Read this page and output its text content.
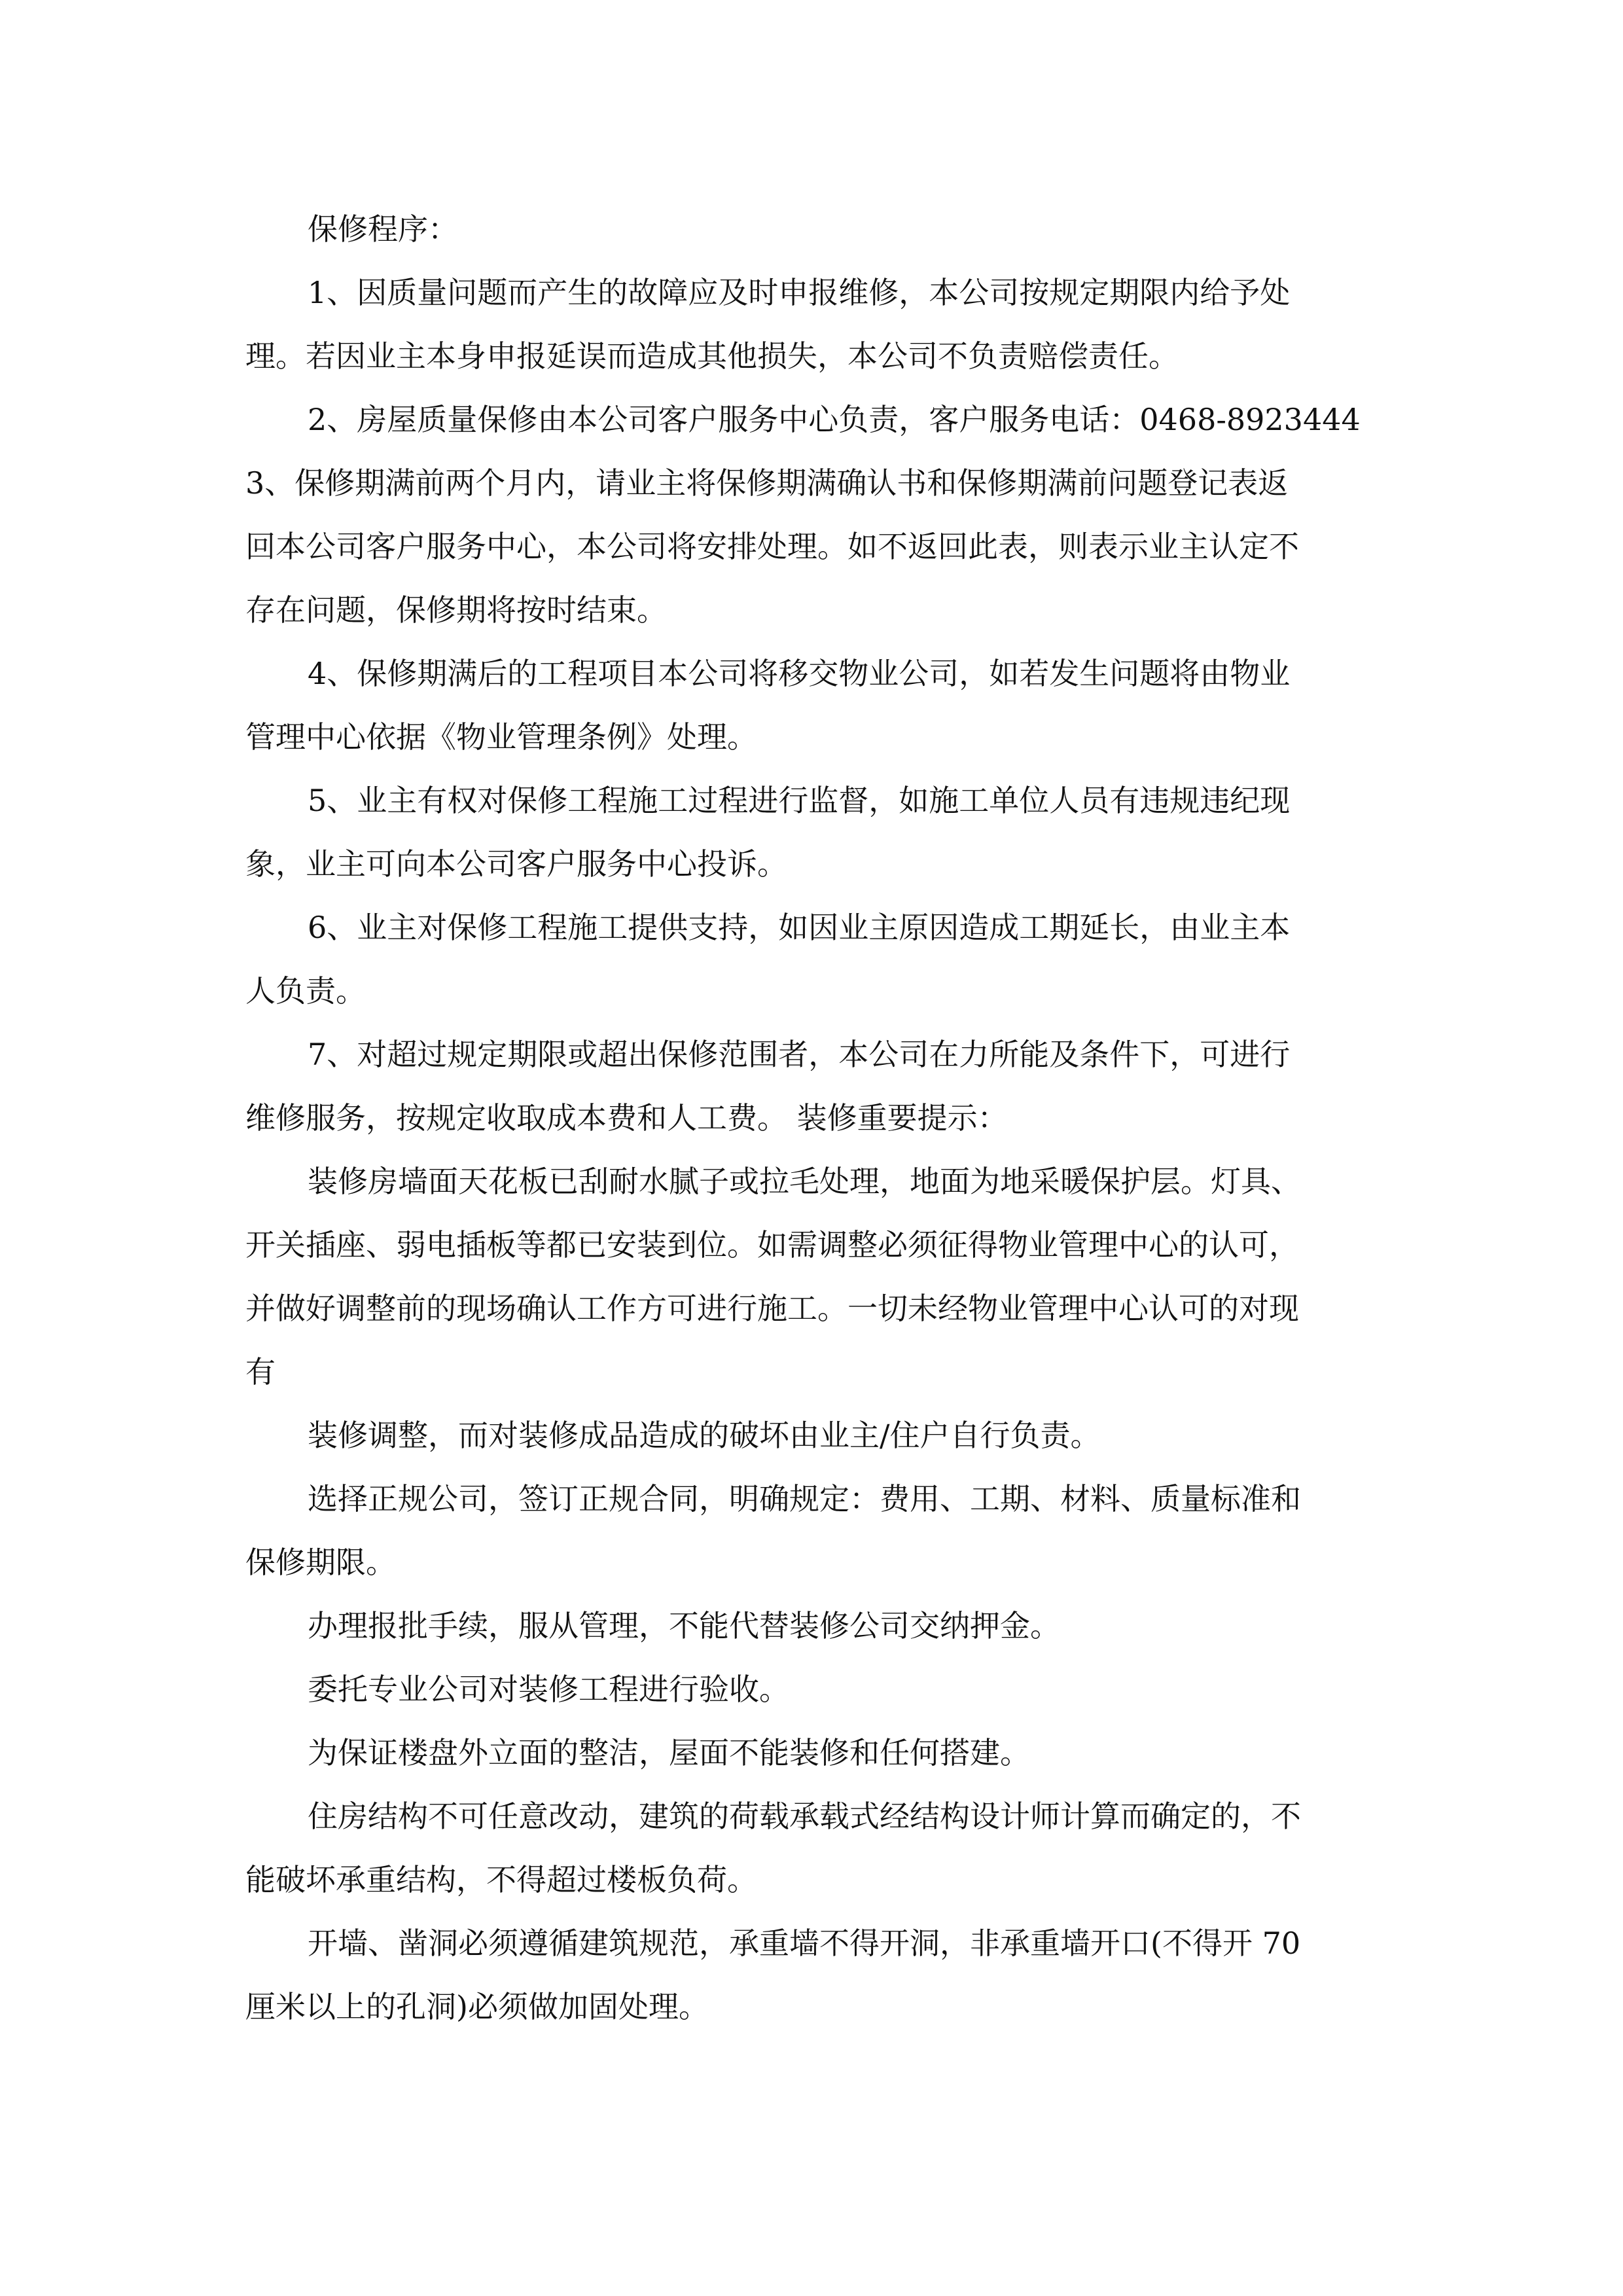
保修程序：

1、因质量问题而产生的故障应及时申报维修，本公司按规定期限内给予处

理。若因业主本身申报延误而造成其他损失，本公司不负责赔偿责任。

2、房屋质量保修由本公司客户服务中心负责，客户服务电话：0468-8923444

3、保修期满前两个月内，请业主将保修期满确认书和保修期满前问题登记表返

回本公司客户服务中心，本公司将安排处理。如不返回此表，则表示业主认定不

存在问题，保修期将按时结束。

4、保修期满后的工程项目本公司将移交物业公司，如若发生问题将由物业

管理中心依据《物业管理条例》处理。

5、业主有权对保修工程施工过程进行监督，如施工单位人员有违规违纪现

象，业主可向本公司客户服务中心投诉。

6、业主对保修工程施工提供支持，如因业主原因造成工期延长，由业主本

人负责。

7、对超过规定期限或超出保修范围者，本公司在力所能及条件下，可进行

维修服务，按规定收取成本费和人工费。 装修重要提示：

装修房墙面天花板已刮耐水腻子或拉毛处理，地面为地采暖保护层。灯具、

开关插座、弱电插板等都已安装到位。如需调整必须征得物业管理中心的认可，

并做好调整前的现场确认工作方可进行施工。一切未经物业管理中心认可的对现

有

装修调整，而对装修成品造成的破坏由业主/住户自行负责。

选择正规公司，签订正规合同，明确规定：费用、工期、材料、质量标准和

保修期限。

办理报批手续，服从管理，不能代替装修公司交纳押金。

委托专业公司对装修工程进行验收。

为保证楼盘外立面的整洁，屋面不能装修和任何搭建。

住房结构不可任意改动，建筑的荷载承载式经结构设计师计算而确定的，不

能破坏承重结构，不得超过楼板负荷。

开墙、凿洞必须遵循建筑规范，承重墙不得开洞，非承重墙开口(不得开 70

厘米以上的孔洞)必须做加固处理。
